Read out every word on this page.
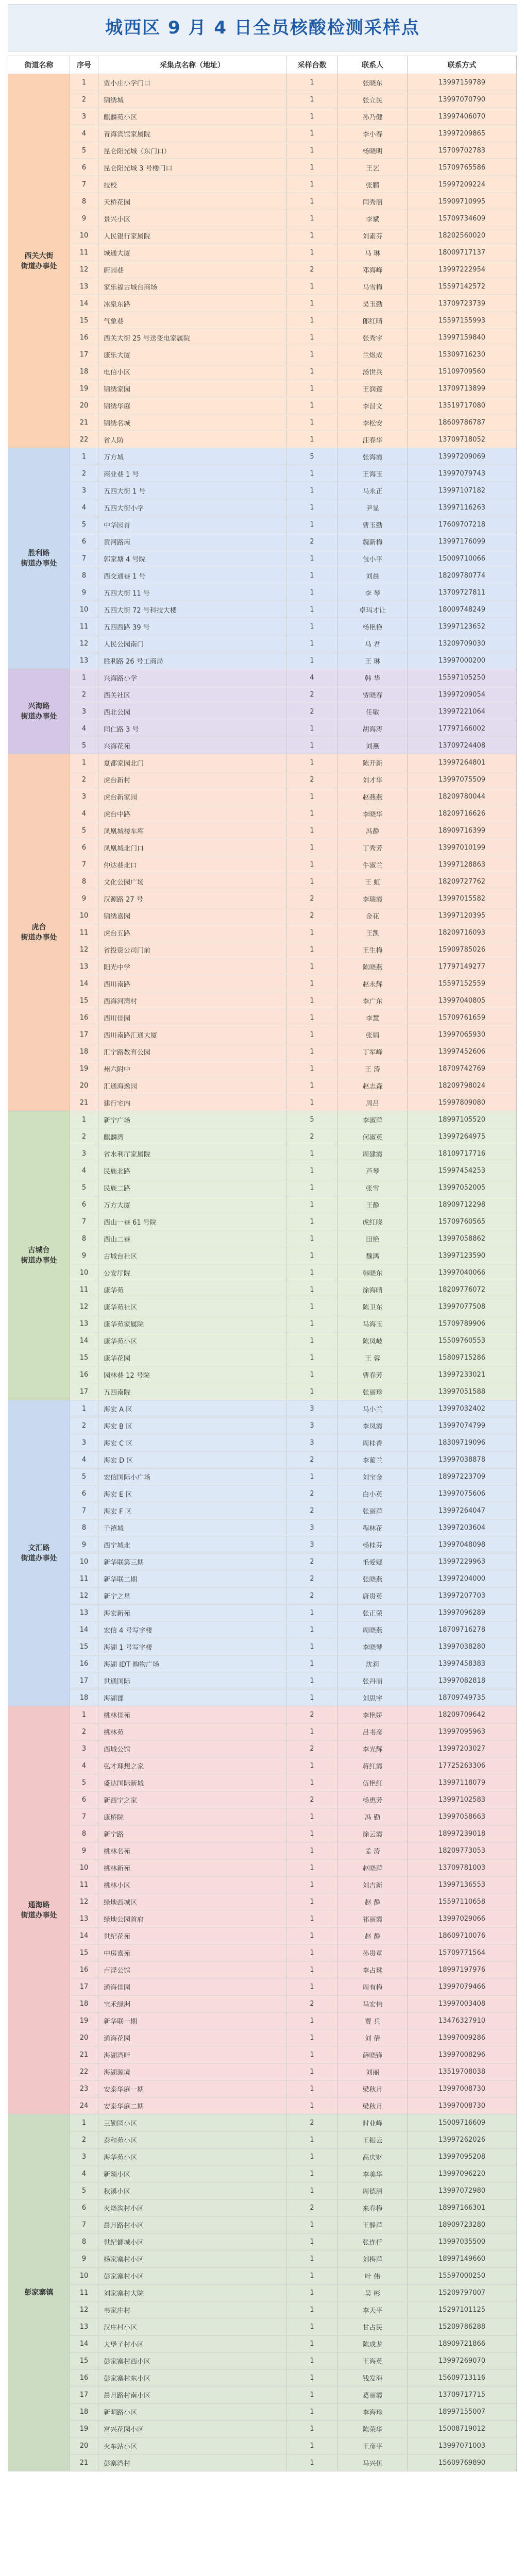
城西区 9 月 4 日全员核酸检测采样点
街道名称	序号	采集点名称（地址）	采样台数	联系人	联系方式

西关大街
街道办事处	1	贾小庄小学门口	1	张晓东	13997159789
	2	锦绣城	1	张立民	13997070790
	3	麒麟苑小区	1	孙乃健	13997406070
	4	青海宾馆家属院	1	李小春	13997209865
	5	昆仑阳光城（东门口）	1	杨晓明	15709702783
	6	昆仑阳光城 3 号楼门口	1	王艺	15709765586
	7	技校	1	张鹏	15997209224
	8	天桥花园	1	闫秀丽	15909710995
	9	景兴小区	1	李斌	15709734609
	10	人民银行家属院	1	刘素芬	18202560020
	11	城通大厦	1	马 琳	18009717137
	12	蔚园巷	2	邓海峰	13997222954
	13	家乐福古城台商场	1	马雪梅	15597142572
	14	冰泉东路	1	吴玉勤	13709723739
	15	气象巷	1	郎红晴	15597155993
	16	西关大街 25 号送变电家属院	1	张秀宇	13997159840
	17	康乐大厦	1	兰煜成	15309716230
	18	电信小区	1	汤世兵	15109709560
	19	锦绣家园	1	王润莲	13709713899
	20	锦绣华庭	1	李昌文	13519717080
	21	锦绣名城	1	李松安	18609786787
	22	省人防	1	汪春华	13709718052

胜利路
街道办事处	1	万方城	5	张海霞	13997209069
	2	商业巷 1 号	1	王海玉	13997079743
	3	五四大街 1 号	1	马永正	13997107182
	4	五四大街小学	1	尹显	13997116263
	5	中华园首	1	曹玉勤	17609707218
	6	黄河路南	2	魏新梅	13997176099
	7	郭家塘 4 号院	1	包小平	15009710066
	8	西交通巷 1 号	1	刘晨	18209780774
	9	五四大街 11 号	1	李 琴	13709727811
	10	五四大街 72 号科技大楼	1	卓玛才让	18009748249
	11	五四西路 39 号	1	杨艳艳	13997123652
	12	人民公园南门	1	马 君	13209709030
	13	胜利路 26 号工商局	1	王 琳	13997000200

兴海路
街道办事处	1	兴海路小学	4	韩 华	15597105250
	2	西关社区	2	贾晓春	13997209054
	3	西北公园	2	任敏	13997221064
	4	同仁路 3 号	1	胡海涛	17797166002
	5	兴海花苑	1	刘燕	13709724408

虎台
街道办事处	1	夏都家园北门	1	陈开新	13997264801
	2	虎台新村	2	刘才华	13997075509
	3	虎台新家园	1	赵燕燕	18209780044
	4	虎台中路	1	李晓华	18209716626
	5	凤凰城楼车库	1	冯静	18909716399
	6	凤凰城北门口	1	丁秀芳	13997010199
	7	仲达巷北口	1	牛淑兰	13997128863
	8	文化公园广场	1	王 虹	18209727762
	9	汉源路 27 号	2	李瑞霞	13997015582
	10	锦绣嘉园	2	金花	13997120395
	11	虎台五路	1	王凯	18209716093
	12	省投资公司门前	1	王生梅	15909785026
	13	阳光中学	1	陈晓燕	17797149277
	14	西川南路	1	赵永辉	15597152559
	15	西海河湾村	1	李广东	13997040805
	16	西川佳园	1	李慧	15709761659
	17	西川南路汇通大厦	1	张娟	13997065930
	18	汇宁路教育公园	1	丁军峰	13997452606
	19	州六附中	1	王 涛	18709742769
	20	汇通海逸园	1	赵志森	18209798024
	21	建行宅内	1	周吕	15997809080

古城台
街道办事处	1	新宁广场	5	李淑萍	18997105520
	2	麒麟湾	2	何淑英	13997264975
	3	省水利厅家属院	1	周建霞	18109717716
	4	民族北路	1	芦琴	15997454253
	5	民族二路	1	张雪	13997052005
	6	万方大厦	1	王静	18909712298
	7	西山一巷 61 号院	1	虎红晓	15709760565
	8	西山二巷	1	田艳	13997058862
	9	古城台社区	1	魏鸿	13997123590
	10	公安厅院	1	韩晓东	13997040066
	11	康华苑	1	徐海晴	18209776072
	12	康华苑社区	1	陈卫东	13997077508
	13	康华苑家属院	1	马海玉	15709789906
	14	康华苑小区	1	陈凤岐	15509760553
	15	康华花园	1	王 蓉	15809715286
	16	园林巷 12 号院	1	曹春芳	13997233021
	17	五四南院	1	张丽珍	13997051588

文汇路
街道办事处	1	海宏 A 区	3	马小兰	13997032402
	2	海宏 B 区	3	李凤霞	13997074799
	3	海宏 C 区	3	周桂香	18309719096
	4	海宏 D 区	2	李蔺兰	13997038878
	5	宏信国际小广场	1	刘宝金	18997223709
	6	海宏 E 区	2	白小英	13997075606
	7	海宏 F 区	2	张丽萍	13997264047
	8	千禧城	3	程林花	13997203604
	9	西宁城北	3	杨桂芬	13997048098
	10	新华联第三期	2	毛爱娜	13997229963
	11	新华联二期	2	张晓燕	13997204000
	12	新宁之星	2	唐贵英	13997207703
	13	海宏新苑	1	张正荣	13997096289
	14	宏信 4 号写字楼	1	周晓燕	18709716278
	15	海湖 1 号写字楼	1	李晓琴	13997038280
	16	海湖 IDT 购物广场	1	沈莉	13997458383
	17	世通国际	1	张丹丽	13997082818
	18	海湖郡	1	刘思宇	18709749735

通海路
街道办事处	1	桃林佳苑	2	李艳娇	18209709642
	2	桃林苑	1	吕书彦	13997095963
	3	西城公馆	2	李光辉	13997203027
	4	弘才理想之家	1	蒋红霞	17725263306
	5	盛达国际新城	1	伍艳红	13997118079
	6	新西宁之家	2	杨惠芳	13997102583
	7	康桥院	1	冯 勤	13997058663
	8	新宁路	1	徐云霞	18997239018
	9	桃林名苑	1	孟 涛	18209773053
	10	桃林新苑	1	赵晓萍	13709781003
	11	桃林小区	1	刘吉新	13997136553
	12	绿地西城区	1	赵 静	15597110658
	13	绿地公园首府	1	祁丽霞	13997029066
	14	世纪花苑	1	赵 静	18609710076
	15	中房嘉苑	1	孙贵章	15709771564
	16	卢浮公馆	1	李占珠	18997197976
	17	通海佳园	1	周有梅	13997079466
	18	宝禾绿洲	2	马宏伟	13997003408
	19	新华联一期	1	贾 兵	13476327910
	20	通海花园	1	刘 倩	13997009286
	21	海湖湾畔	1	薛晓锋	13997008296
	22	海湖源境	1	刘丽	13519708038
	23	安泰华庭一期	1	梁秋月	13997008730
	24	安泰华庭二期	1	梁秋月	13997008730

彭家寨镇	1	三勤园小区	2	时业峰	15009716609
	2	泰和苑小区	1	王振云	13997262026
	3	海华苑小区	1	高庆财	13997095208
	4	新颖小区	1	李美华	13997096220
	5	秋溪小区	1	周德清	13997072980
	6	火烧沟村小区	2	来春梅	18997166301
	7	晨月路村小区	1	王静萍	18909723280
	8	世纪都城小区	1	张连仟	13997035500
	9	杨家寨村小区	1	刘梅萍	18997149660
	10	彭家寨村小区	1	叶 伟	15597000250
	11	刘家寨村大院	1	吴 彬	15209797007
	12	韦家庄村	1	李天平	15297101125
	13	汉庄村小区	1	甘占民	15209786288
	14	大堡子村小区	1	陈成龙	18909721866
	15	彭家寨村西小区	1	王海英	13997269070
	16	彭家寨村东小区	1	钱发海	15609713116
	17	晨月路村南小区	1	葛丽霞	13709717715
	18	新明路小区	1	李海珍	18997155007
	19	富兴花园小区	1	陈荣华	15008719012
	20	火车站小区	1	王彦平	13997071003
	21	彭寨湾村	1	马兴伍	15609769890
